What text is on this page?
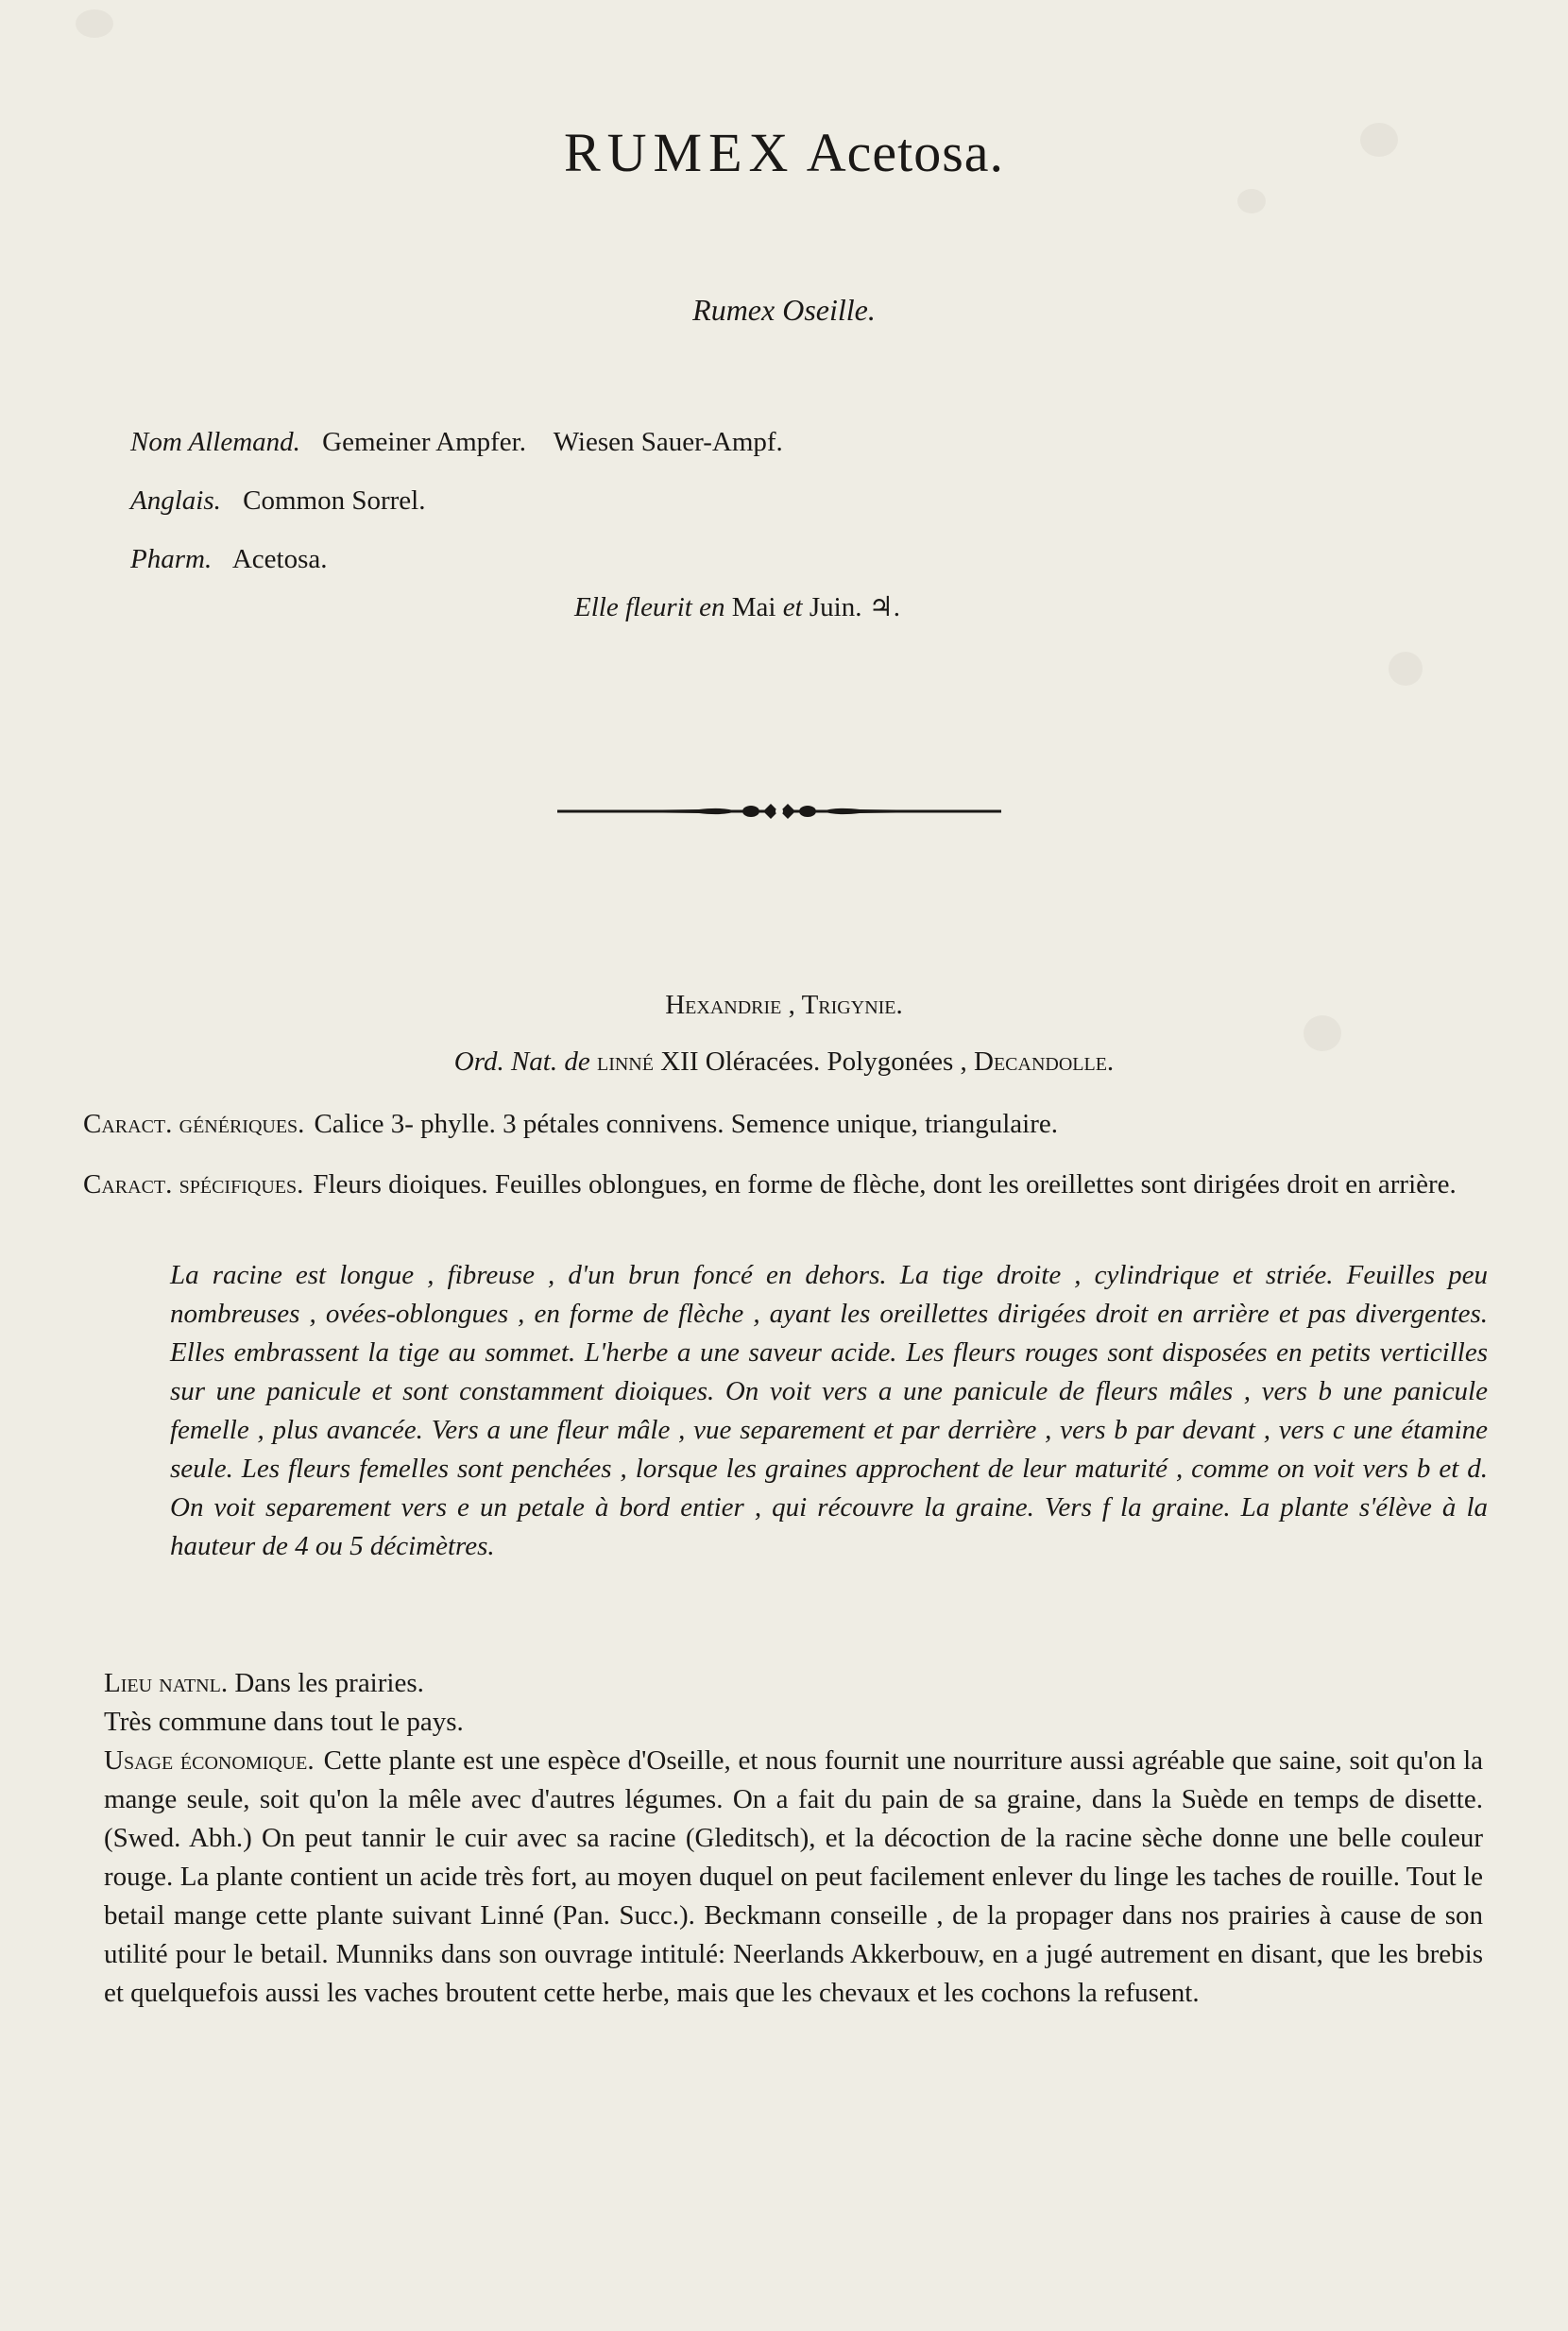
RUMEX Acetosa.
Rumex Oseille.
Nom Allemand. Gemeiner Ampfer. Wiesen Sauer-Ampf.
Anglais. Common Sorrel.
Pharm. Acetosa.
Elle fleurit en Mai et Juin. ♃.
Hexandrie , Trigynie.
Ord. Nat. de linné XII Oléracées. Polygonées , Decandolle.
Caract. génériques. Calice 3- phylle. 3 pétales connivens. Semence unique, triangulaire.
Caract. spécifiques. Fleurs dioiques. Feuilles oblongues, en forme de flèche, dont les oreillettes sont dirigées droit en arrière.
La racine est longue , fibreuse , d'un brun foncé en dehors. La tige droite , cylindrique et striée. Feuilles peu nombreuses , ovées-oblongues , en forme de flèche , ayant les oreillettes dirigées droit en arrière et pas divergentes. Elles embrassent la tige au sommet. L'herbe a une saveur acide. Les fleurs rouges sont disposées en petits verticilles sur une panicule et sont constamment dioiques. On voit vers a une panicule de fleurs mâles , vers b une panicule femelle , plus avancée. Vers a une fleur mâle , vue separement et par derrière , vers b par devant , vers c une étamine seule. Les fleurs femelles sont penchées , lorsque les graines approchent de leur maturité , comme on voit vers b et d. On voit separement vers e un petale à bord entier , qui récouvre la graine. Vers f la graine. La plante s'élève à la hauteur de 4 ou 5 décimètres.
Lieu natnl. Dans les prairies.
Très commune dans tout le pays.
Usage économique. Cette plante est une espèce d'Oseille, et nous fournit une nourriture aussi agréable que saine, soit qu'on la mange seule, soit qu'on la mêle avec d'autres légumes. On a fait du pain de sa graine, dans la Suède en temps de disette. (Swed. Abh.) On peut tannir le cuir avec sa racine (Gleditsch), et la décoction de la racine sèche donne une belle couleur rouge. La plante contient un acide très fort, au moyen duquel on peut facilement enlever du linge les taches de rouille. Tout le betail mange cette plante suivant Linné (Pan. Succ.). Beckmann conseille , de la propager dans nos prairies à cause de son utilité pour le betail. Munniks dans son ouvrage intitulé: Neerlands Akkerbouw, en a jugé autrement en disant, que les brebis et quelquefois aussi les vaches broutent cette herbe, mais que les chevaux et les cochons la refusent.
